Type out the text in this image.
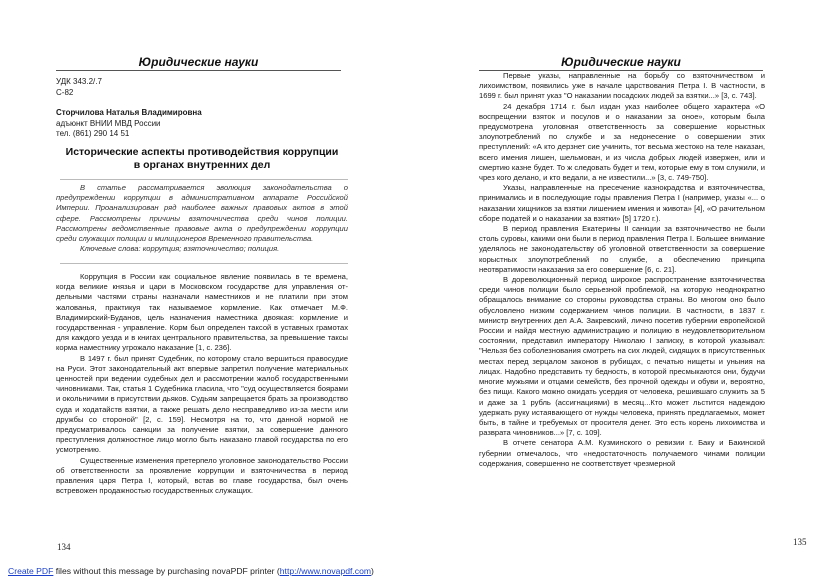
Юридические науки
УДК 343.2/.7
С-82
Сторчилова Наталья Владимировна
адъюнкт ВНИИ МВД России
тел. (861) 290 14 51
Исторические аспекты противодействия коррупции
в органах внутренних дел

В статье рассматривается эволюция законодательства о предупреждении коррупции в административном аппарате Российской Империи. Проанализирован ряд наиболее важных правовых актов в этой сфере. Рассмотрены причины взяточничества среди чинов полиции. Рассмотрены ведомственные правовые акта о предупреждении коррупции среди служащих полиции и милиционеров Временного правительства.

Ключевые слова: коррупция; взяточничество; полиция.

Коррупция в России как социальное явление появилась в те времена, когда великие князья и цари в Московском государстве для управления от-дельными частями страны назначали наместников и не платили при этом жалованья, практикуя так называемое кормление. Как отмечает М.Ф. Владимирский-Буданов, цель назначения наместника двоякая: кормление и государственная - управление. Корм был определен таксой в уставных грамотах для каждого уезда и в книгах центрального правительства, за превышение таксы корма наместнику угрожало наказание [1, с. 236].

В 1497 г. был принят Судебник, по которому стало вершиться правосудие на Руси. Этот законодательный акт впервые запретил получение материальных ценностей при ведении судебных дел и рассмотрении жалоб государственными чиновниками. Так, статья 1 Судебника гласила, что "суд осуществляется боярами и окольничими в присутствии дьяков. Судьям запрещается брать за производство суда и ходатайств взятки, а также решать дело несправедливо из-за мести или дружбы со стороной" [2, с. 159]. Несмотря на то, что данной нормой не предусматривалось санкции за получение взятки, за совершение данного преступления должностное лицо могло быть наказано главой государства по его усмотрению.

Существенные изменения претерпело уголовное законодательство России об ответственности за проявление коррупции и взяточничества в период правления царя Петра I, который, встав во главе государства, был очень встревожен продажностью государственных служащих.

134
Юридические науки

Первые указы, направленные на борьбу со взяточничеством и лихоимством, появились уже в начале царствования Петра I. В частности, в 1699 г. был принят указ "О наказании посадских людей за взятки...» [3, с. 743].

24 декабря 1714 г. был издан указ наиболее общего характера «О воспрещении взяток и посулов и о наказании за оное», которым была предусмотрена уголовная ответственность за совершение корыстных злоупотреблений по службе и за недонесение о совершении этих преступлений: «А кто дерзнет сие учинить, тот весьма жестоко на теле наказан, всего имения лишен, шельмован, и из числа добрых людей извержен, или и смертию казне будет. То ж следовать будет и тем, которые ему в том служили, и чрез кого делано, и кто ведали, а не известили...» [3, с. 749-750].

Указы, направленные на пресечение казнокрадства и взяточничества, принимались и в последующие годы правления Петра I (например, указы «... о наказании хищников за взятки лишением имения и живота» [4], «О рачительном сборе податей и о наказании за взятки» [5] 1720 г.).

В период правления Екатерины II санкции за взяточничество не были столь суровы, какими они были в период правления Петра I. Большее внимание уделялось не законодательству об уголовной ответственности за совершение корыстных злоупотреблений по службе, а обеспечению принципа неотвратимости наказания за его совершение [6, с. 21].

В дореволюционный период широкое распространение взяточничества среди чинов полиции было серьезной проблемой, на которую неоднократно обращалось внимание со стороны руководства страны. Во многом оно было обусловлено низким содержанием чинов полиции. В частности, в 1837 г. министр внутренних дел А.А. Закревский, лично посетив губернии европейской России и найдя местную администрацию и полицию в неудовлетворительном состоянии, представил императору Николаю I записку, в которой указывал: "Нельзя без соболезнования смотреть на сих людей, сидящих в присутственных местах перед зерцалом законов в рубищах, с печатью нищеты и уныния на лицах. Надобно представить ту бедность, в которой пресмыкаются они, будучи многие мужьями и отцами семейств, без прочной одежды и обуви и, вероятно, без пищи. Какого можно ожидать усердия от человека, решившаго служить за 5 и даже за 1 рубль (ассигнациями) в месяц...Кто может льстится надеждою удержать руку истаявающего от нужды человека, принять предлагаемых, может быть, в тайне и требуемых от просителя денег. Это есть корень лихоимства и разврата чиновников...» [7, с. 109].

В отчете сенатора А.М. Кузминского о ревизии г. Баку и Бакинской губернии отмечалось, что «недостаточность получаемого чинами полиции содержания, совершенно не соответствует чрезмерной

135
Create PDF files without this message by purchasing novaPDF printer (http://www.novapdf.com)
